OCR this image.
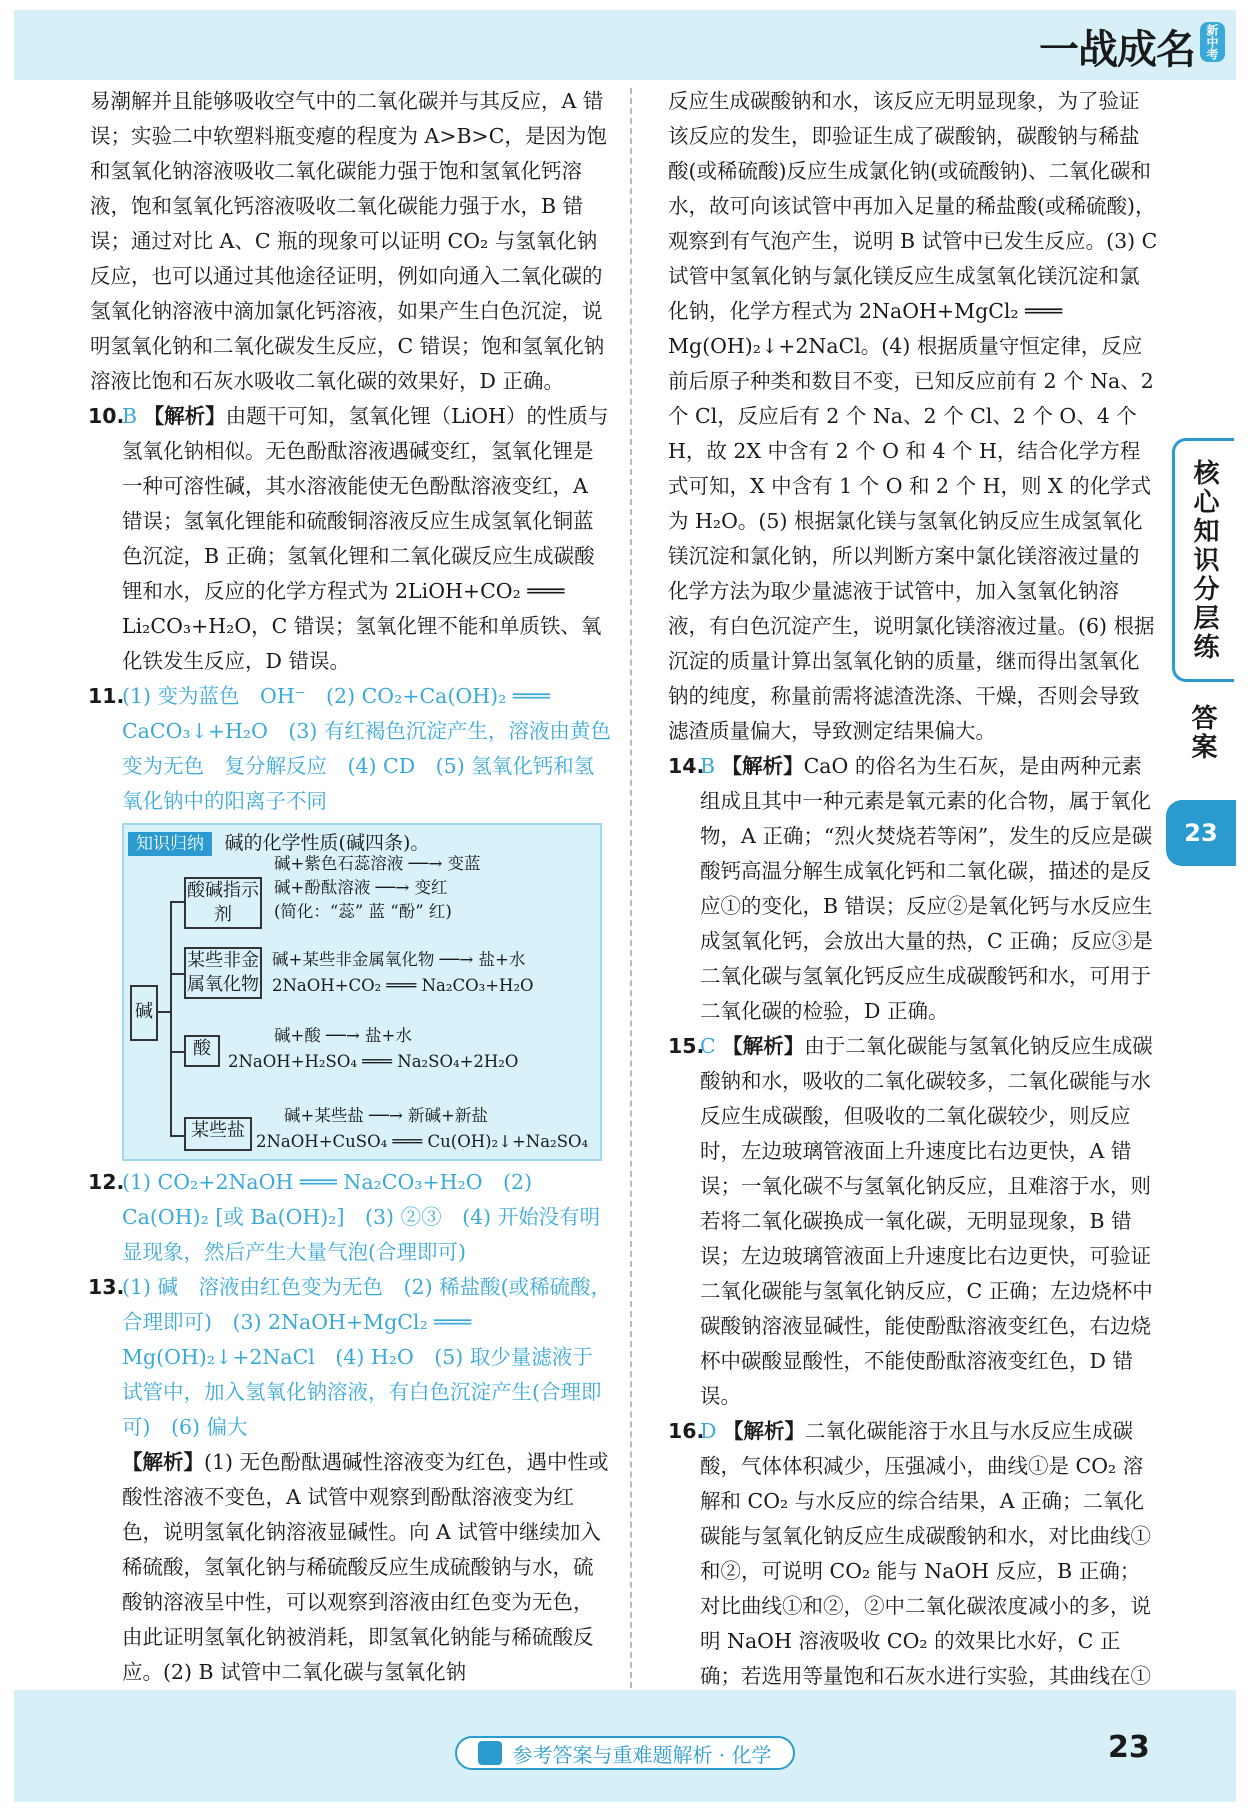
一战成名 新中考
核心知识分层练
答案
23

易潮解并且能够吸收空气中的二氧化碳并与其反应，A 错误；实验二中软塑料瓶变瘪的程度为 A>B>C，是因为饱和氢氧化钠溶液吸收二氧化碳能力强于饱和氢氧化钙溶液，饱和氢氧化钙溶液吸收二氧化碳能力强于水，B 错误；通过对比 A、C 瓶的现象可以证明 CO₂ 与氢氧化钠反应，也可以通过其他途径证明，例如向通入二氧化碳的氢氧化钠溶液中滴加氯化钙溶液，如果产生白色沉淀，说明氢氧化钠和二氧化碳发生反应，C 错误；饱和氢氧化钠溶液比饱和石灰水吸收二氧化碳的效果好，D 正确。

10.
B 【解析】由题干可知，氢氧化锂（LiOH）的性质与氢氧化钠相似。无色酚酞溶液遇碱变红，氢氧化锂是一种可溶性碱，其水溶液能使无色酚酞溶液变红，A 错误；氢氧化锂能和硫酸铜溶液反应生成氢氧化铜蓝色沉淀，B 正确；氢氧化锂和二氧化碳反应生成碳酸锂和水，反应的化学方程式为 2LiOH+CO₂ ═══ Li₂CO₃+H₂O，C 错误；氢氧化锂不能和单质铁、氧化铁发生反应，D 错误。
11.
(1) 变为蓝色　OH⁻　(2) CO₂+Ca(OH)₂ ═══ CaCO₃↓+H₂O　(3) 有红褐色沉淀产生，溶液由黄色变为无色　复分解反应　(4) CD　(5) 氢氧化钙和氢氧化钠中的阳离子不同
知识归纳 碱的化学性质(碱四条)。
碱
酸碱指示剂
碱+紫色石蕊溶液 ──→ 变蓝
碱+酚酞溶液 ──→ 变红
(简化：“蕊” 蓝 “酚” 红)
某些非金属氧化物
碱+某些非金属氧化物 ──→ 盐+水
2NaOH+CO₂ ═══ Na₂CO₃+H₂O
酸
碱+酸 ──→ 盐+水
2NaOH+H₂SO₄ ═══ Na₂SO₄+2H₂O
某些盐
碱+某些盐 ──→ 新碱+新盐
2NaOH+CuSO₄ ═══ Cu(OH)₂↓+Na₂SO₄
12.
(1) CO₂+2NaOH ═══ Na₂CO₃+H₂O　(2) Ca(OH)₂ [或 Ba(OH)₂]　(3) ②③　(4) 开始没有明显现象，然后产生大量气泡(合理即可)
13.
(1) 碱　溶液由红色变为无色　(2) 稀盐酸(或稀硫酸，合理即可)　(3) 2NaOH+MgCl₂ ═══ Mg(OH)₂↓+2NaCl　(4) H₂O　(5) 取少量滤液于试管中，加入氢氧化钠溶液，有白色沉淀产生(合理即可)　(6) 偏大
【解析】(1) 无色酚酞遇碱性溶液变为红色，遇中性或酸性溶液不变色，A 试管中观察到酚酞溶液变为红色，说明氢氧化钠溶液显碱性。向 A 试管中继续加入稀硫酸，氢氧化钠与稀硫酸反应生成硫酸钠与水，硫酸钠溶液呈中性，可以观察到溶液由红色变为无色，由此证明氢氧化钠被消耗，即氢氧化钠能与稀硫酸反应。(2) B 试管中二氧化碳与氢氧化钠

反应生成碳酸钠和水，该反应无明显现象，为了验证该反应的发生，即验证生成了碳酸钠，碳酸钠与稀盐酸(或稀硫酸)反应生成氯化钠(或硫酸钠)、二氧化碳和水，故可向该试管中再加入足量的稀盐酸(或稀硫酸)，观察到有气泡产生，说明 B 试管中已发生反应。(3) C 试管中氢氧化钠与氯化镁反应生成氢氧化镁沉淀和氯化钠，化学方程式为 2NaOH+MgCl₂ ═══ Mg(OH)₂↓+2NaCl。(4) 根据质量守恒定律，反应前后原子种类和数目不变，已知反应前有 2 个 Na、2 个 Cl，反应后有 2 个 Na、2 个 Cl、2 个 O、4 个 H，故 2X 中含有 2 个 O 和 4 个 H，结合化学方程式可知，X 中含有 1 个 O 和 2 个 H，则 X 的化学式为 H₂O。(5) 根据氯化镁与氢氧化钠反应生成氢氧化镁沉淀和氯化钠，所以判断方案中氯化镁溶液过量的化学方法为取少量滤液于试管中，加入氢氧化钠溶液，有白色沉淀产生，说明氯化镁溶液过量。(6) 根据沉淀的质量计算出氢氧化钠的质量，继而得出氢氧化钠的纯度，称量前需将滤渣洗涤、干燥，否则会导致滤渣质量偏大，导致测定结果偏大。

14.
B 【解析】CaO 的俗名为生石灰，是由两种元素组成且其中一种元素是氧元素的化合物，属于氧化物，A 正确；“烈火焚烧若等闲”，发生的反应是碳酸钙高温分解生成氧化钙和二氧化碳，描述的是反应①的变化，B 错误；反应②是氧化钙与水反应生成氢氧化钙，会放出大量的热，C 正确；反应③是二氧化碳与氢氧化钙反应生成碳酸钙和水，可用于二氧化碳的检验，D 正确。
15.
C 【解析】由于二氧化碳能与氢氧化钠反应生成碳酸钠和水，吸收的二氧化碳较多，二氧化碳能与水反应生成碳酸，但吸收的二氧化碳较少，则反应时，左边玻璃管液面上升速度比右边更快，A 错误；一氧化碳不与氢氧化钠反应，且难溶于水，则若将二氧化碳换成一氧化碳，无明显现象，B 错误；左边玻璃管液面上升速度比右边更快，可验证二氧化碳能与氢氧化钠反应，C 正确；左边烧杯中碳酸钠溶液显碱性，能使酚酞溶液变红色，右边烧杯中碳酸显酸性，不能使酚酞溶液变红色，D 错误。
16.
D 【解析】二氧化碳能溶于水且与水反应生成碳酸，气体体积减少，压强减小，曲线①是 CO₂ 溶解和 CO₂ 与水反应的综合结果，A 正确；二氧化碳能与氢氧化钠反应生成碳酸钠和水，对比曲线①和②，可说明 CO₂ 能与 NaOH 反应，B 正确；对比曲线①和②，②中二氧化碳浓度减小的多，说明 NaOH 溶液吸收 CO₂ 的效果比水好，C 正确；若选用等量饱和石灰水进行实验，其曲线在①
参考答案与重难题解析 · 化学	23
